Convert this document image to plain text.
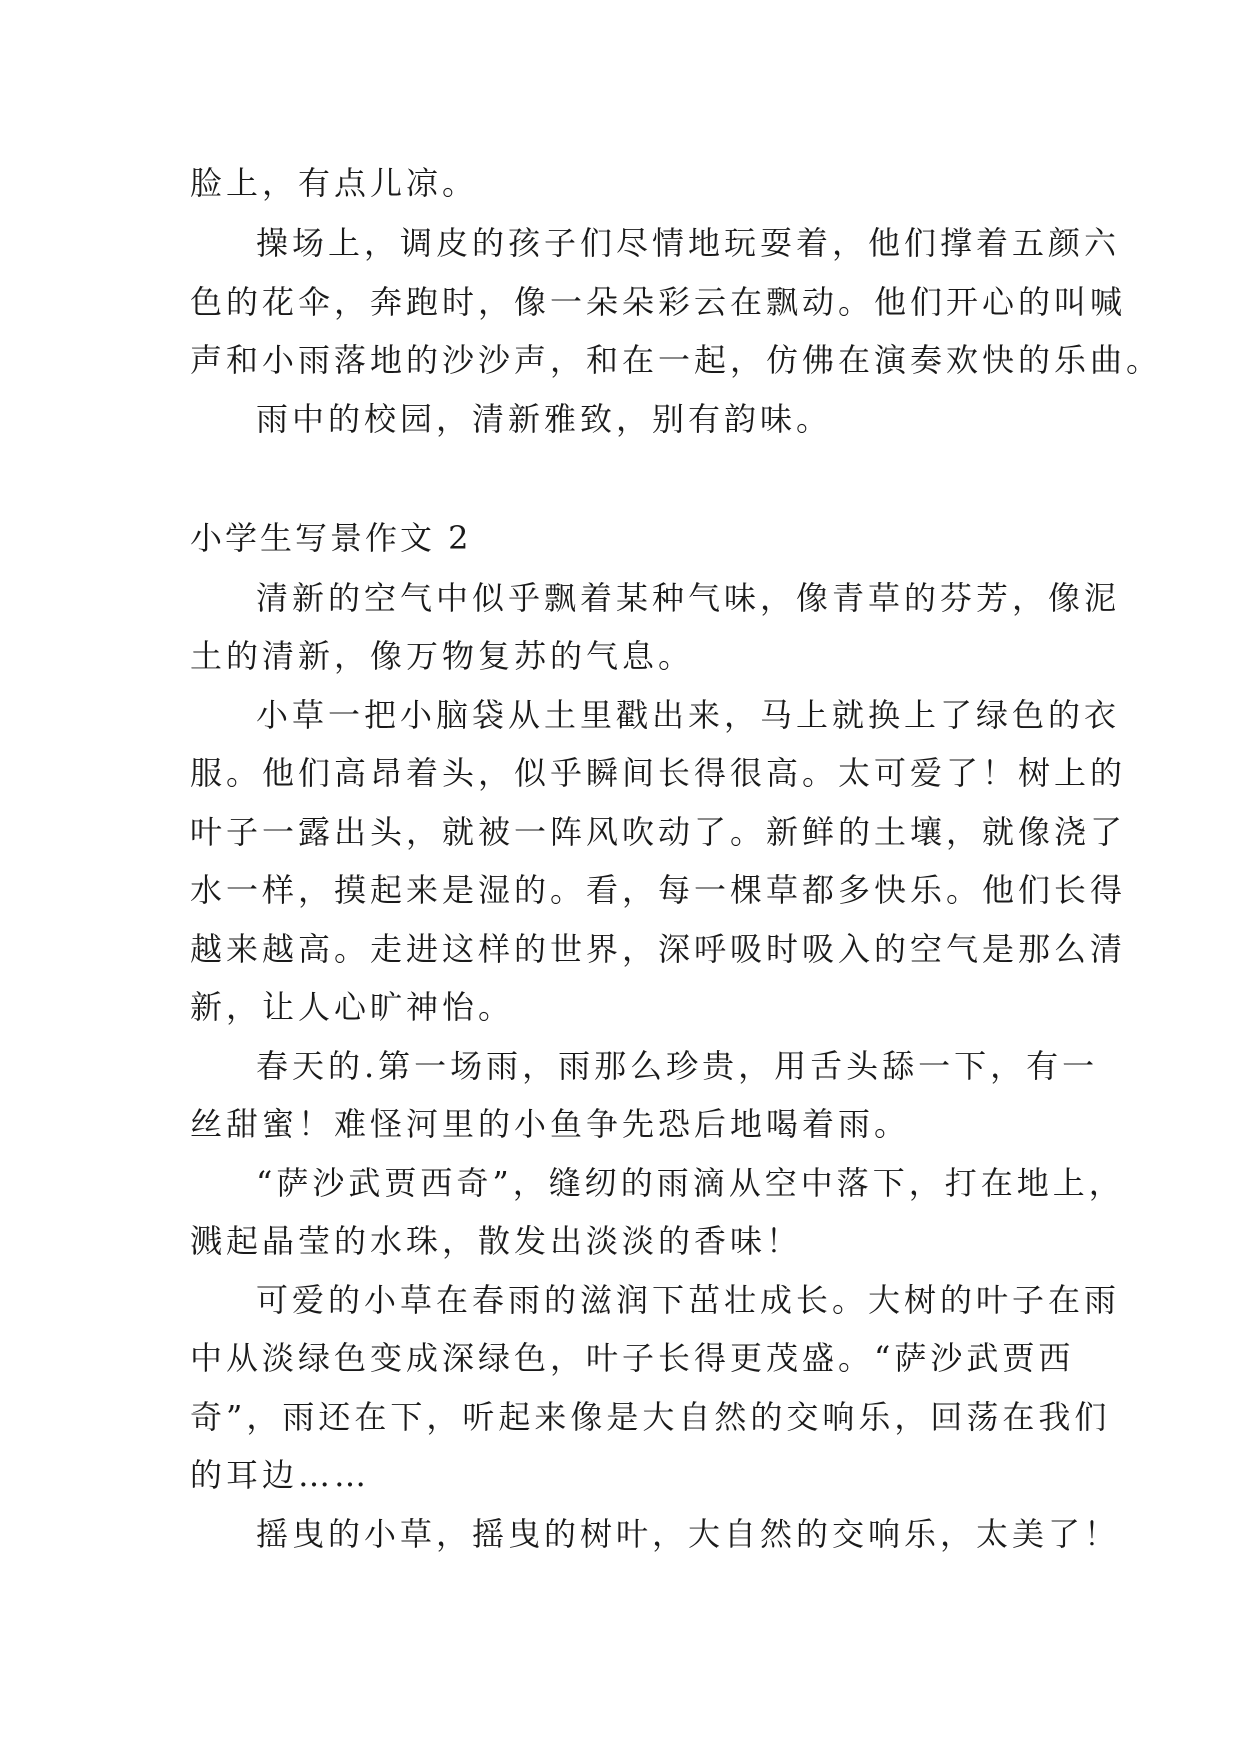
脸上，有点儿凉。
操场上，调皮的孩子们尽情地玩耍着，他们撑着五颜六
色的花伞，奔跑时，像一朵朵彩云在飘动。他们开心的叫喊
声和小雨落地的沙沙声，和在一起，仿佛在演奏欢快的乐曲。
雨中的校园，清新雅致，别有韵味。
小学生写景作文 2
清新的空气中似乎飘着某种气味，像青草的芬芳，像泥
土的清新，像万物复苏的气息。
小草一把小脑袋从土里戳出来，马上就换上了绿色的衣
服。他们高昂着头，似乎瞬间长得很高。太可爱了！树上的
叶子一露出头，就被一阵风吹动了。新鲜的土壤，就像浇了
水一样，摸起来是湿的。看，每一棵草都多快乐。他们长得
越来越高。走进这样的世界，深呼吸时吸入的空气是那么清
新，让人心旷神怡。
春天的.第一场雨，雨那么珍贵，用舌头舔一下，有一
丝甜蜜！难怪河里的小鱼争先恐后地喝着雨。
“萨沙武贾西奇”，缝纫的雨滴从空中落下，打在地上，
溅起晶莹的水珠，散发出淡淡的香味！
可爱的小草在春雨的滋润下茁壮成长。大树的叶子在雨
中从淡绿色变成深绿色，叶子长得更茂盛。“萨沙武贾西
奇”，雨还在下，听起来像是大自然的交响乐，回荡在我们
的耳边……
摇曳的小草，摇曳的树叶，大自然的交响乐，太美了！
